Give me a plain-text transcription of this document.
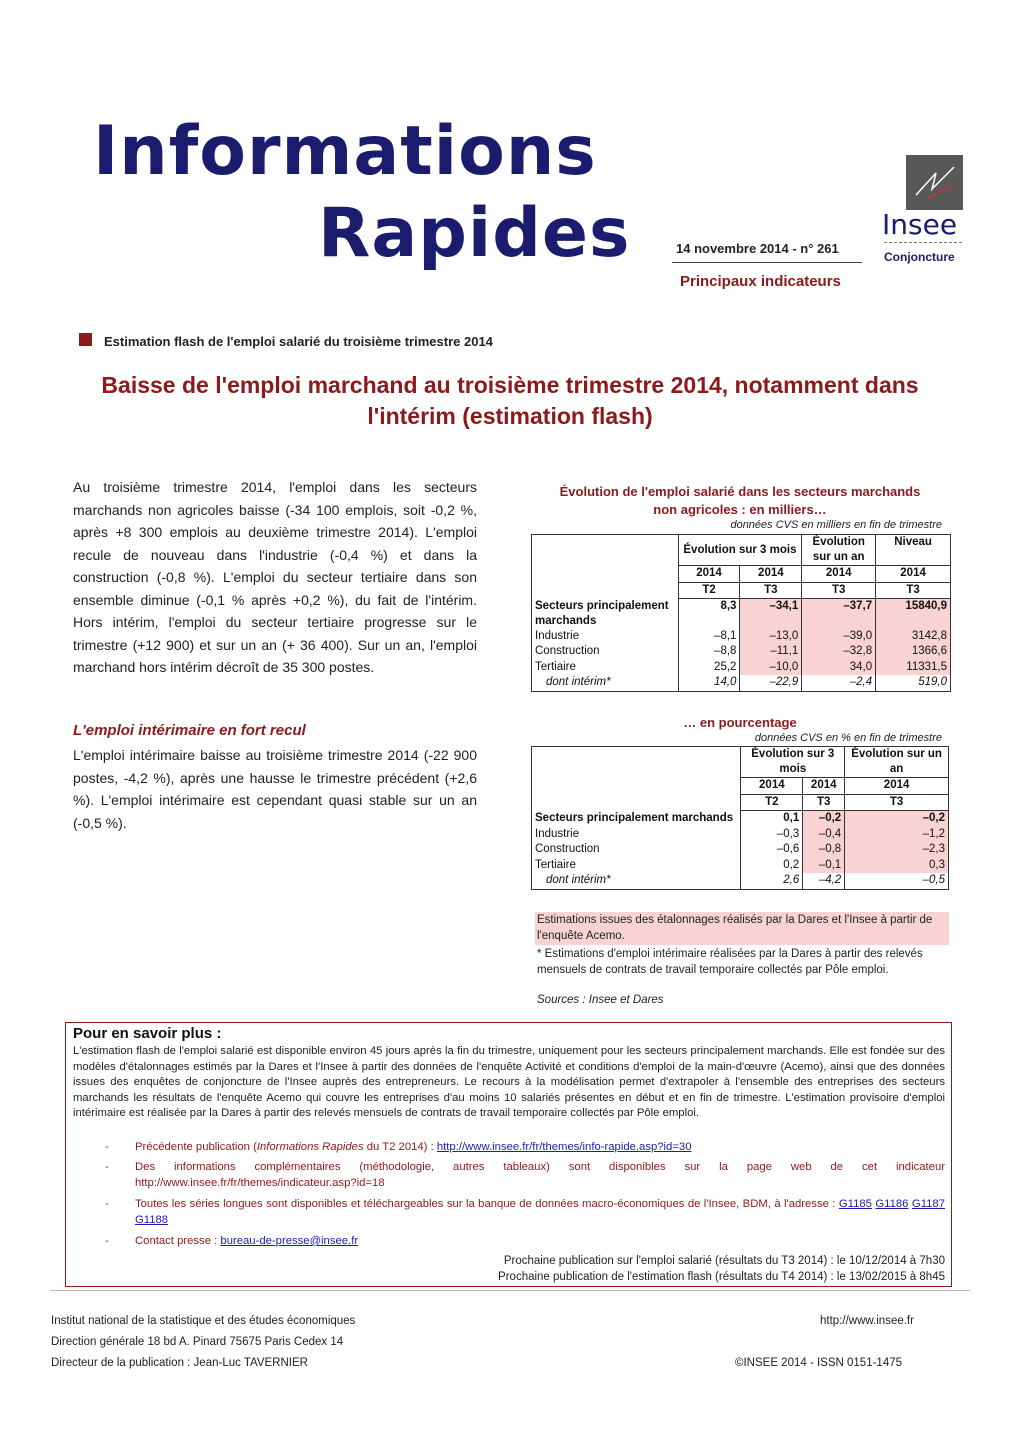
Informations
Rapides	14 novembre 2014 - n° 261
Principaux indicateurs
Insee
Conjoncture
Estimation flash de l'emploi salarié du troisième trimestre 2014
Baisse de l'emploi marchand au troisième trimestre 2014, notamment dans l'intérim (estimation flash)
Au troisième trimestre 2014, l'emploi dans les secteurs marchands non agricoles baisse (-34 100 emplois, soit -0,2 %, après +8 300 emplois au deuxième trimestre 2014). L'emploi recule de nouveau dans l'industrie (-0,4 %) et dans la construction (-0,8 %). L'emploi du secteur tertiaire dans son ensemble diminue (-0,1 % après +0,2 %), du fait de l'intérim. Hors intérim, l'emploi du secteur tertiaire progresse sur le trimestre (+12 900) et sur un an (+ 36 400). Sur un an, l'emploi marchand hors intérim décroît de 35 300 postes.
L'emploi intérimaire en fort recul
L'emploi intérimaire baisse au troisième trimestre 2014 (-22 900 postes, -4,2 %), après une hausse le trimestre précédent (+2,6 %). L'emploi intérimaire est cependant quasi stable sur un an (-0,5 %).
Évolution de l'emploi salarié dans les secteurs marchands non agricoles : en milliers…
données CVS en milliers en fin de trimestre
	Évolution sur 3 mois		Évolution sur un an	Niveau
	2014	2014	2014	2014
	T2	T3	T3	T3
Secteurs principalement marchands	8,3	–34,1	–37,7	15840,9
Industrie	–8,1	–13,0	–39,0	3142,8
Construction	–8,8	–11,1	–32,8	1366,6
Tertiaire	25,2	–10,0	34,0	11331,5
dont intérim*	14,0	–22,9	–2,4	519,0
… en pourcentage
données CVS en % en fin de trimestre
	Évolution sur 3 mois		Évolution sur un an
	2014	2014	2014
	T2	T3	T3
Secteurs principalement marchands	0,1	–0,2	–0,2
Industrie	–0,3	–0,4	–1,2
Construction	–0,6	–0,8	–2,3
Tertiaire	0,2	–0,1	0,3
dont intérim*	2,6	–4,2	–0,5
Estimations issues des étalonnages réalisés par la Dares et l'Insee à partir de l'enquête Acemo.
* Estimations d'emploi intérimaire réalisées par la Dares à partir des relevés mensuels de contrats de travail temporaire collectés par Pôle emploi.
Sources : Insee et Dares
Pour en savoir plus :
L'estimation flash de l'emploi salarié est disponible environ 45 jours après la fin du trimestre, uniquement pour les secteurs principalement marchands. Elle est fondée sur des modèles d'étalonnages estimés par la Dares et l'Insee à partir des données de l'enquête Activité et conditions d'emploi de la main-d'œuvre (Acemo), ainsi que des données issues des enquêtes de conjoncture de l'Insee auprès des entrepreneurs. Le recours à la modélisation permet d'extrapoler à l'ensemble des entreprises des secteurs marchands les résultats de l'enquête Acemo qui couvre les entreprises d'au moins 10 salariés présentes en début et en fin de trimestre. L'estimation provisoire d'emploi intérimaire est réalisée par la Dares à partir des relevés mensuels de contrats de travail temporaire collectés par Pôle emploi.
- Précédente publication (Informations Rapides du T2 2014) : http://www.insee.fr/fr/themes/info-rapide.asp?id=30
- Des informations complémentaires (méthodologie, autres tableaux) sont disponibles sur la page web de cet indicateur http://www.insee.fr/fr/themes/indicateur.asp?id=18
- Toutes les séries longues sont disponibles et téléchargeables sur la banque de données macro-économiques de l'Insee, BDM, à l'adresse : G1185 G1186 G1187 G1188
- Contact presse : bureau-de-presse@insee.fr
Prochaine publication sur l'emploi salarié (résultats du T3 2014) : le 10/12/2014 à 7h30
Prochaine publication de l'estimation flash (résultats du T4 2014) : le 13/02/2015 à 8h45
Institut national de la statistique et des études économiques
Direction générale 18 bd A. Pinard 75675 Paris Cedex 14
Directeur de la publication : Jean-Luc TAVERNIER
http://www.insee.fr
©INSEE 2014 - ISSN 0151-1475
